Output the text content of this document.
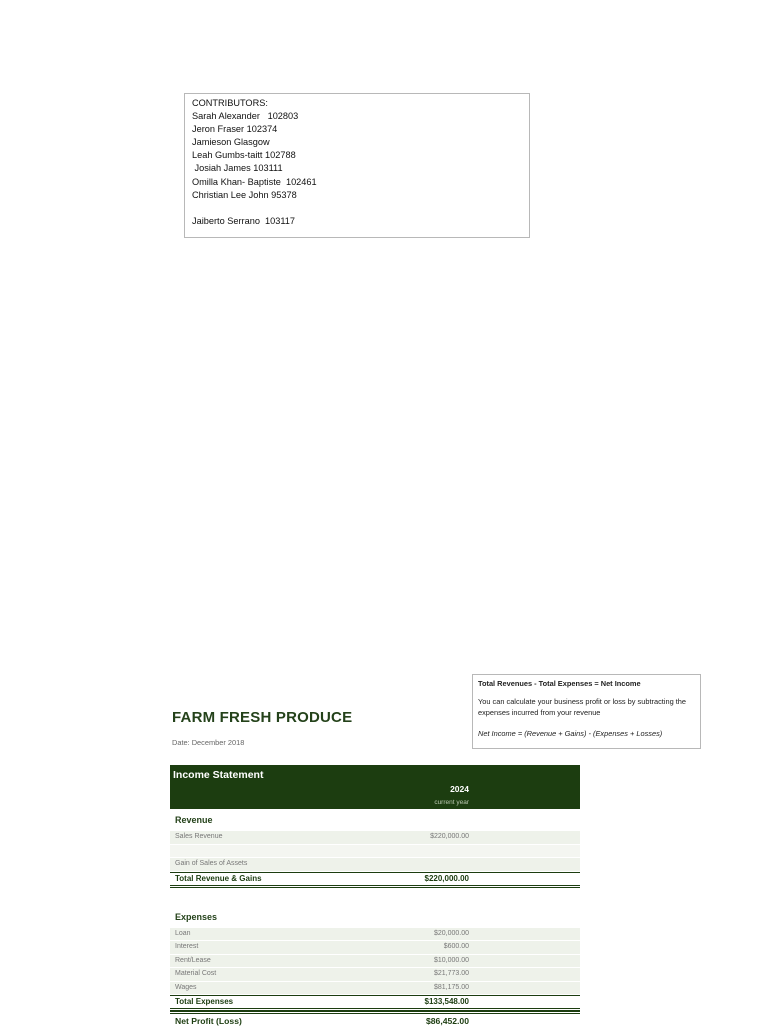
CONTRIBUTORS:
Sarah Alexander   102803
Jeron Fraser 102374
Jamieson Glasgow
Leah Gumbs-taitt 102788
Josiah James 103111
Omilla Khan- Baptiste  102461
Christian Lee John 95378
Jaiberto Serrano  103117
Total Revenues - Total Expenses = Net Income
You can calculate your business profit or loss by subtracting the expenses incurred from your revenue
Net Income = (Revenue + Gains) - (Expenses + Losses)
FARM FRESH PRODUCE
Date: December 2018
Income Statement
2024
current year
Revenue
Sales Revenue	$220,000.00
Gain of Sales of Assets
Total Revenue & Gains	$220,000.00
Expenses
Loan	$20,000.00
Interest	$600.00
Rent/Lease	$10,000.00
Material Cost	$21,773.00
Wages	$81,175.00
Total Expenses	$133,548.00
Net Profit (Loss)	$86,452.00
